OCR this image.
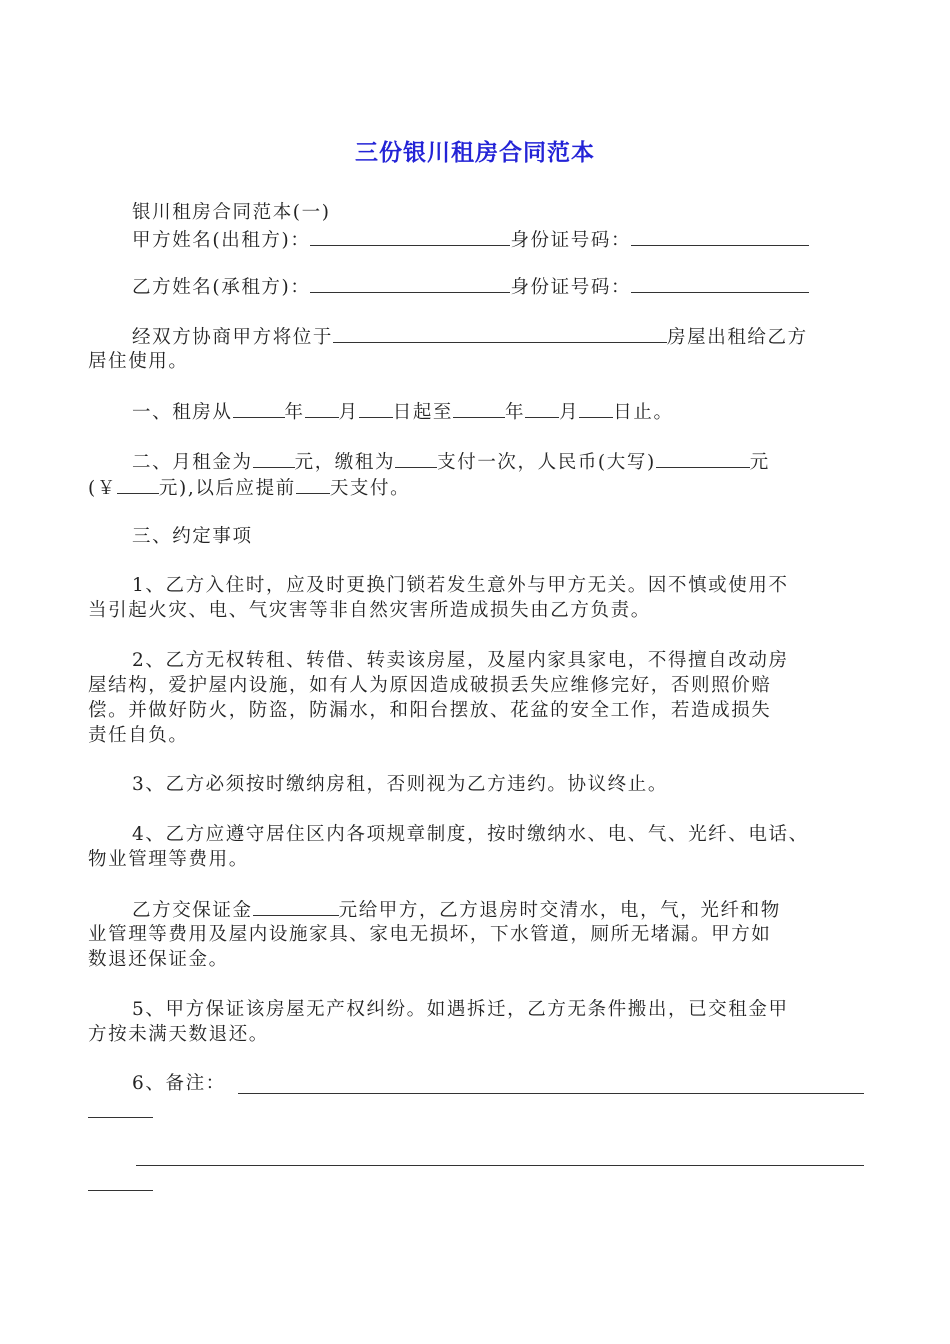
三份银川租房合同范本

银川租房合同范本(一)

甲方姓名(出租方)：	身份证号码：

乙方姓名(承租方)：	身份证号码：

经双方协商甲方将位于	房屋出租给乙方

居住使用。

一、租房从	年 月 日起至	年 月 日止。

二、月租金为 元，缴租为 支付一次，人民币(大写)	元

(￥ 元),以后应提前 天支付。

三、约定事项

1、乙方入住时，应及时更换门锁若发生意外与甲方无关。因不慎或使用不

当引起火灾、电、气灾害等非自然灾害所造成损失由乙方负责。

2、乙方无权转租、转借、转卖该房屋，及屋内家具家电，不得擅自改动房

屋结构，爱护屋内设施，如有人为原因造成破损丢失应维修完好，否则照价赔

偿。并做好防火，防盗，防漏水，和阳台摆放、花盆的安全工作，若造成损失

责任自负。

3、乙方必须按时缴纳房租，否则视为乙方违约。协议终止。

4、乙方应遵守居住区内各项规章制度，按时缴纳水、电、气、光纤、电话、

物业管理等费用。

乙方交保证金	元给甲方，乙方退房时交清水，电，气，光纤和物

业管理等费用及屋内设施家具、家电无损坏，下水管道，厕所无堵漏。甲方如

数退还保证金。

5、甲方保证该房屋无产权纠纷。如遇拆迁，乙方无条件搬出，已交租金甲

方按未满天数退还。

6、备注：
